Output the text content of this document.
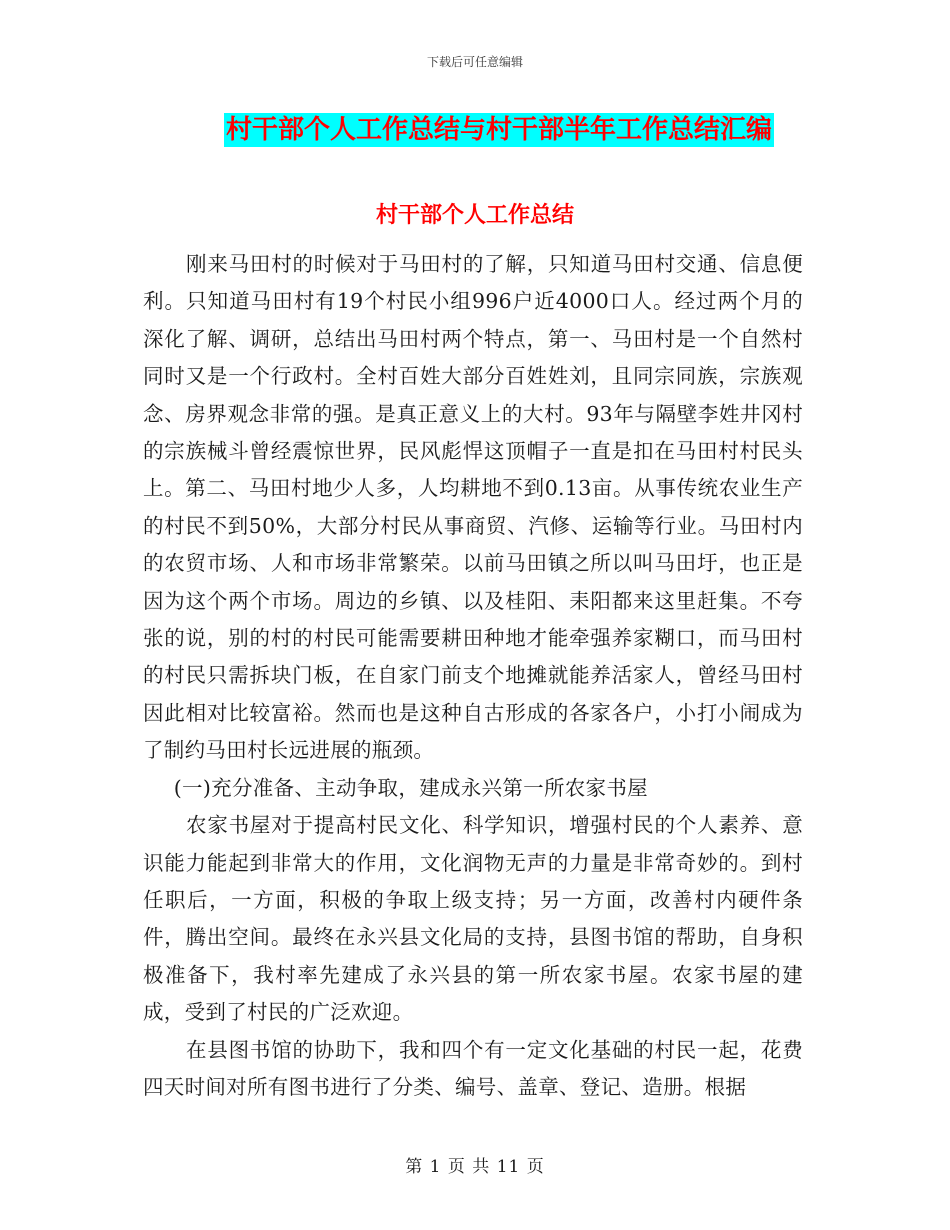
下载后可任意编辑
村干部个人工作总结与村干部半年工作总结汇编
村干部个人工作总结

刚来马田村的时候对于马田村的了解，只知道马田村交通、信息便利。只知道马田村有19个村民小组996户近4000口人。经过两个月的深化了解、调研，总结出马田村两个特点，第一、马田村是一个自然村同时又是一个行政村。全村百姓大部分百姓姓刘，且同宗同族，宗族观念、房界观念非常的强。是真正意义上的大村。93年与隔壁李姓井冈村的宗族械斗曾经震惊世界，民风彪悍这顶帽子一直是扣在马田村村民头上。第二、马田村地少人多，人均耕地不到0.13亩。从事传统农业生产的村民不到50%，大部分村民从事商贸、汽修、运输等行业。马田村内的农贸市场、人和市场非常繁荣。以前马田镇之所以叫马田圩，也正是因为这个两个市场。周边的乡镇、以及桂阳、耒阳都来这里赶集。不夸张的说，别的村的村民可能需要耕田种地才能牵强养家糊口，而马田村的村民只需拆块门板，在自家门前支个地摊就能养活家人，曾经马田村因此相对比较富裕。然而也是这种自古形成的各家各户，小打小闹成为了制约马田村长远进展的瓶颈。

(一)充分准备、主动争取，建成永兴第一所农家书屋

农家书屋对于提高村民文化、科学知识，增强村民的个人素养、意识能力能起到非常大的作用，文化润物无声的力量是非常奇妙的。到村任职后，一方面，积极的争取上级支持；另一方面，改善村内硬件条件，腾出空间。最终在永兴县文化局的支持，县图书馆的帮助，自身积极准备下，我村率先建成了永兴县的第一所农家书屋。农家书屋的建成，受到了村民的广泛欢迎。

在县图书馆的协助下，我和四个有一定文化基础的村民一起，花费四天时间对所有图书进行了分类、编号、盖章、登记、造册。根据

第 1 页 共 11 页
